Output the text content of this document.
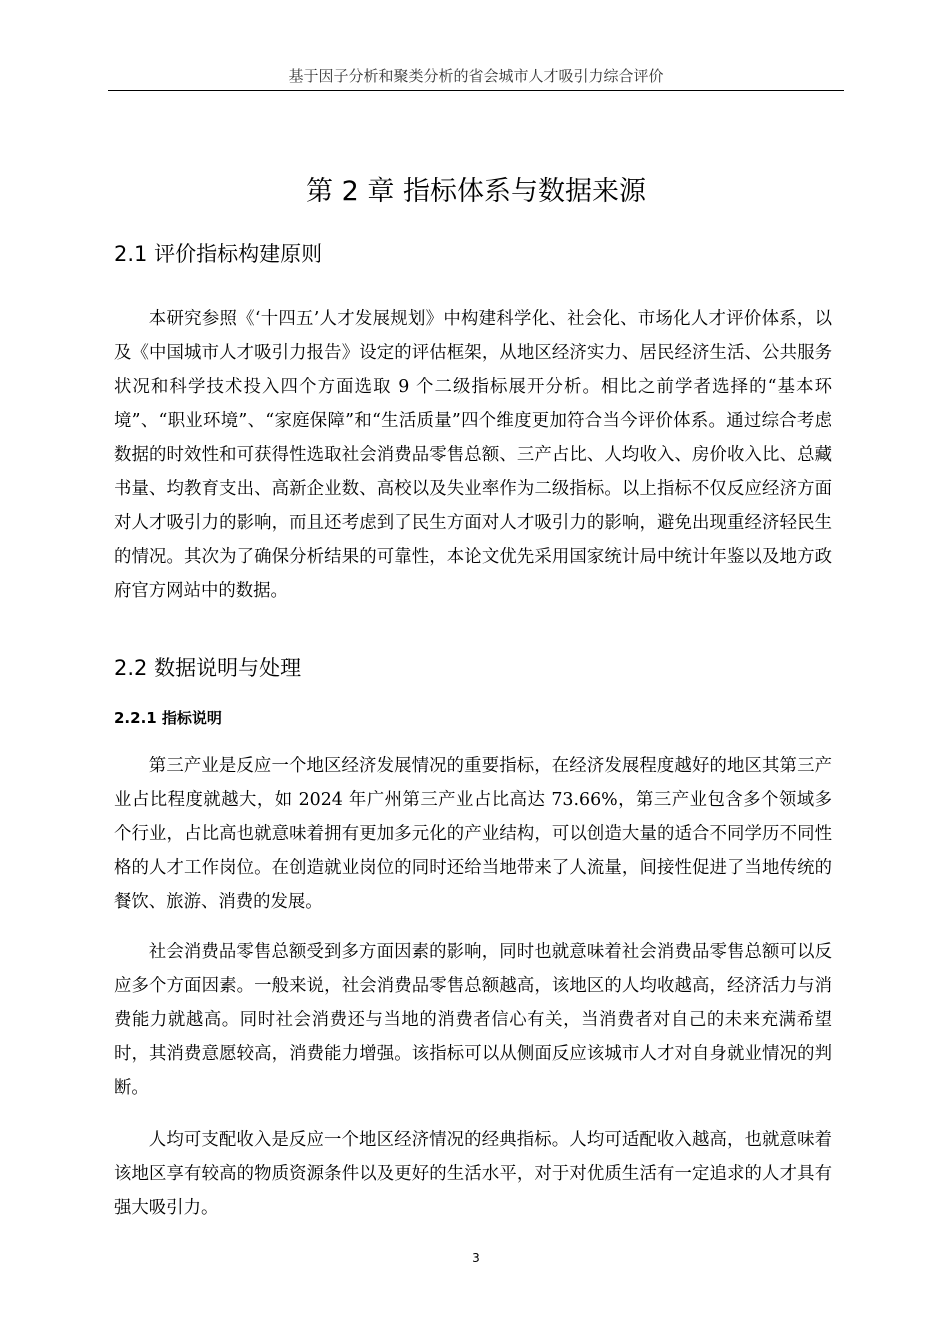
基于因子分析和聚类分析的省会城市人才吸引力综合评价
第 2 章 指标体系与数据来源
2.1 评价指标构建原则

本研究参照《‘十四五’人才发展规划》中构建科学化、社会化、市场化人才评价体系，以及《中国城市人才吸引力报告》设定的评估框架，从地区经济实力、居民经济生活、公共服务状况和科学技术投入四个方面选取 9 个二级指标展开分析。相比之前学者选择的“基本环境”、“职业环境”、“家庭保障”和“生活质量”四个维度更加符合当今评价体系。通过综合考虑数据的时效性和可获得性选取社会消费品零售总额、三产占比、人均收入、房价收入比、总藏书量、均教育支出、高新企业数、高校以及失业率作为二级指标。以上指标不仅反应经济方面对人才吸引力的影响，而且还考虑到了民生方面对人才吸引力的影响，避免出现重经济轻民生的情况。其次为了确保分析结果的可靠性，本论文优先采用国家统计局中统计年鉴以及地方政府官方网站中的数据。

2.2 数据说明与处理
2.2.1 指标说明

第三产业是反应一个地区经济发展情况的重要指标，在经济发展程度越好的地区其第三产业占比程度就越大，如 2024 年广州第三产业占比高达 73.66%，第三产业包含多个领域多个行业，占比高也就意味着拥有更加多元化的产业结构，可以创造大量的适合不同学历不同性格的人才工作岗位。在创造就业岗位的同时还给当地带来了人流量，间接性促进了当地传统的餐饮、旅游、消费的发展。

社会消费品零售总额受到多方面因素的影响，同时也就意味着社会消费品零售总额可以反应多个方面因素。一般来说，社会消费品零售总额越高，该地区的人均收越高，经济活力与消费能力就越高。同时社会消费还与当地的消费者信心有关，当消费者对自己的未来充满希望时，其消费意愿较高，消费能力增强。该指标可以从侧面反应该城市人才对自身就业情况的判断。

人均可支配收入是反应一个地区经济情况的经典指标。人均可适配收入越高，也就意味着该地区享有较高的物质资源条件以及更好的生活水平，对于对优质生活有一定追求的人才具有强大吸引力。

3
